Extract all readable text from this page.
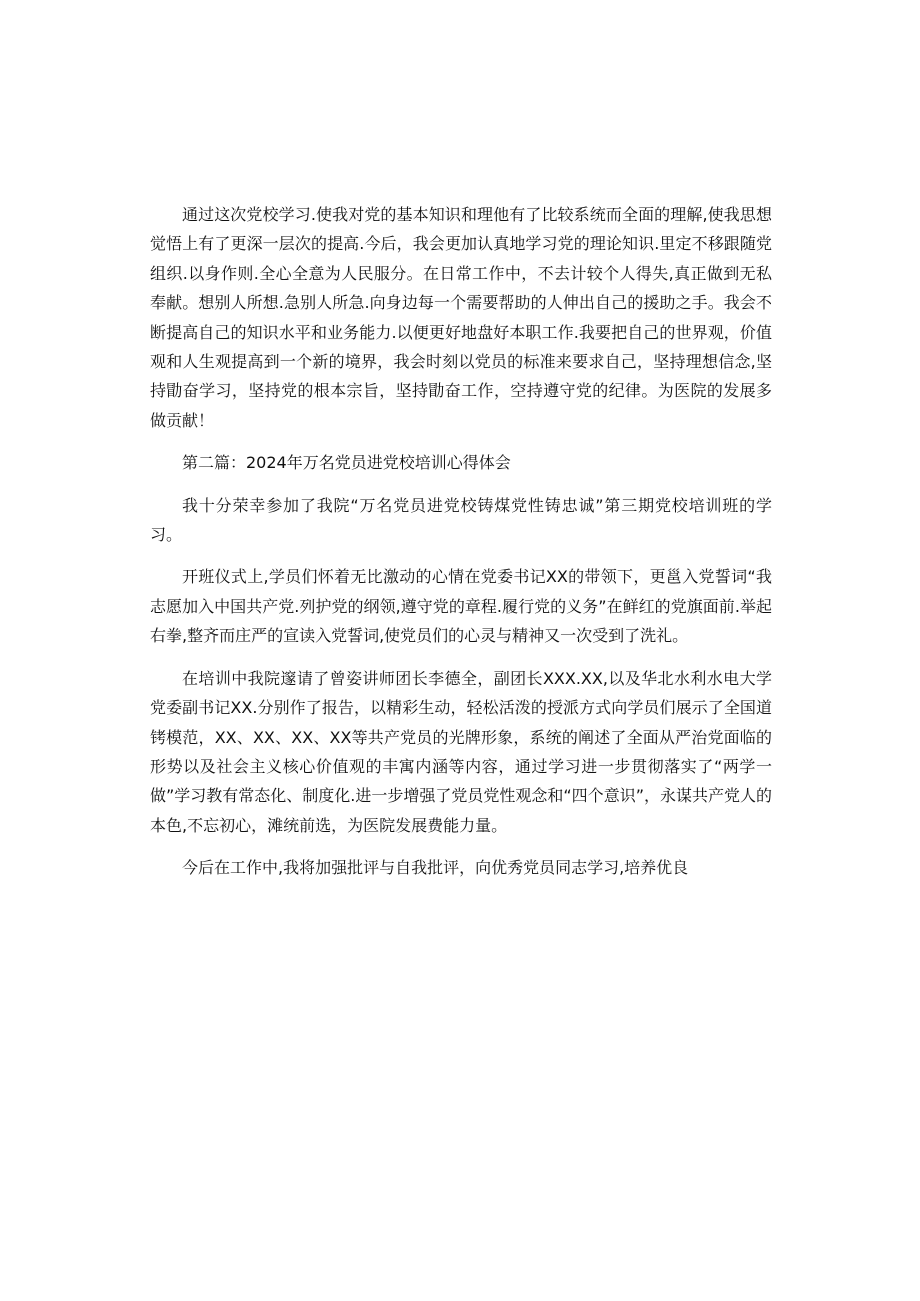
通过这次党校学习.使我对党的基本知识和理他有了比较系统而全面的理解,使我思想觉悟上有了更深一层次的提高.今后，我会更加认真地学习党的理论知识.里定不移跟随党组织.以身作则.全心全意为人民服分。在日常工作中，不去计较个人得失,真正做到无私奉献。想别人所想.急别人所急.向身边每一个需要帮助的人伸出自己的援助之手。我会不断提高自己的知识水平和业务能力.以便更好地盘好本职工作.我要把自己的世界观，价值观和人生观提高到一个新的境界，我会时刻以党员的标准来要求自己，坚持理想信念,坚持勖奋学习，坚持党的根本宗旨，坚持勖奋工作，空持遵守党的纪律。为医院的发展多做贡献！

第二篇：2024年万名党员进党校培训心得体会

我十分荣幸参加了我院“万名党员进党校铸煤党性铸忠诚”第三期党校培训班的学习。

开班仪式上,学员们怀着无比激动的心情在党委书记XX的带领下，更邕入党誓词“我志愿加入中国共产党.列护党的纲领,遵守党的章程.履行党的义务”在鲜红的党旗面前.举起右拳,整齐而庄严的宣读入党誓词,使党员们的心灵与精神又一次受到了洗礼。

在培训中我院邃请了曾姿讲师团长李德全，副团长XXX.XX,以及华北水利水电大学党委副书记XX.分别作了报告，以精彩生动，轻松活泼的授派方式向学员们展示了全国道铐模范，XX、XX、XX、XX等共产党员的光牌形象，系统的阐述了全面从严治党面临的形势以及社会主义核心价值观的丰寓内涵等内容，通过学习进一步贯彻落实了“两学一做”学习教有常态化、制度化.进一步增强了党员党性观念和“四个意识”，永谋共产党人的本色,不忘初心，滩统前选，为医院发展费能力量。

今后在工作中,我将加强批评与自我批评，向优秀党员同志学习,培养优良
